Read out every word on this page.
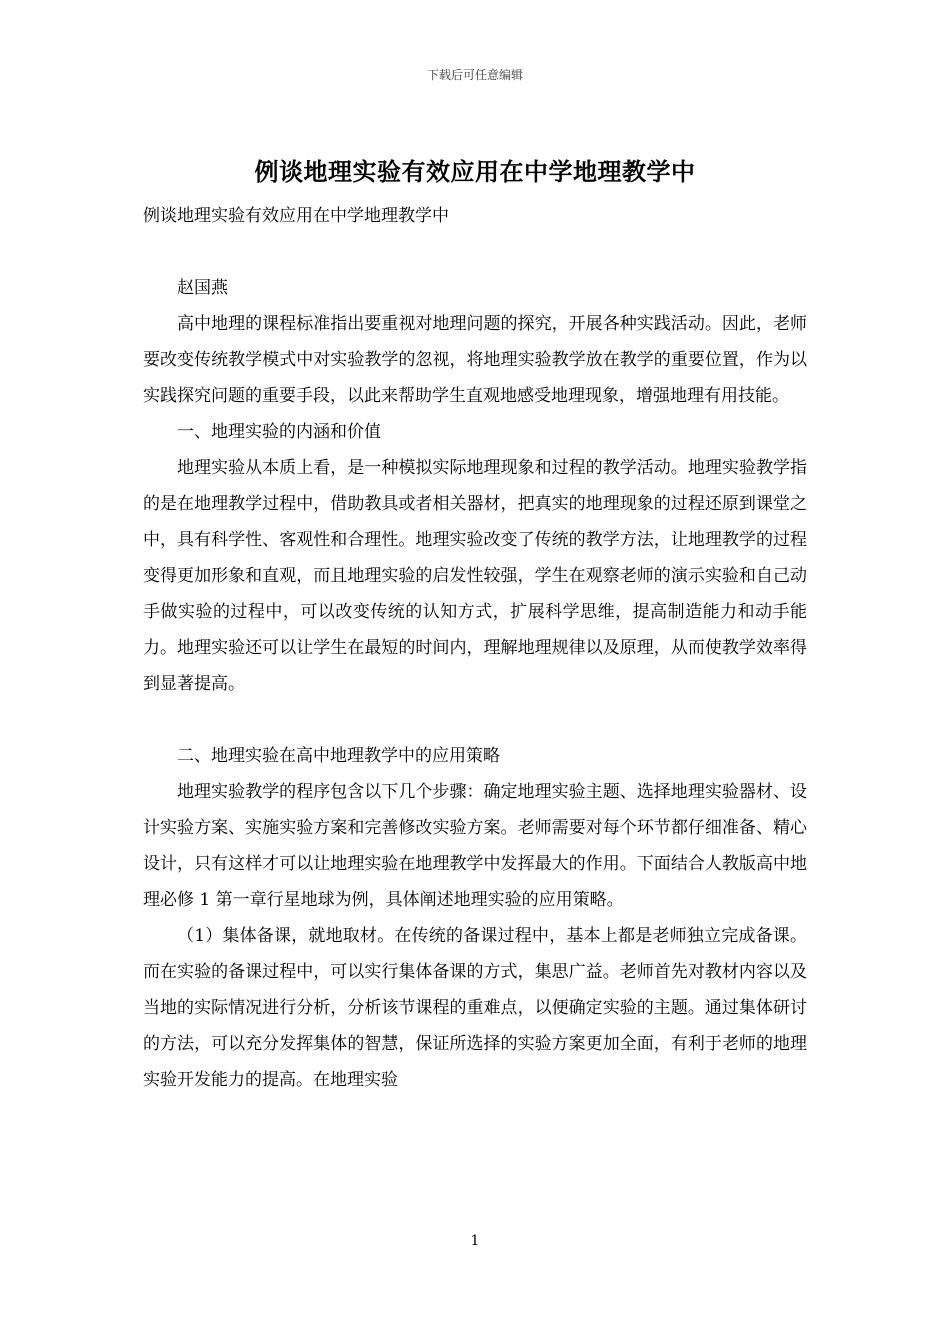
下载后可任意编辑
例谈地理实验有效应用在中学地理教学中

例谈地理实验有效应用在中学地理教学中

赵国燕

高中地理的课程标准指出要重视对地理问题的探究，开展各种实践活动。因此，老师要改变传统教学模式中对实验教学的忽视，将地理实验教学放在教学的重要位置，作为以实践探究问题的重要手段，以此来帮助学生直观地感受地理现象，增强地理有用技能。

一、地理实验的内涵和价值

地理实验从本质上看，是一种模拟实际地理现象和过程的教学活动。地理实验教学指的是在地理教学过程中，借助教具或者相关器材，把真实的地理现象的过程还原到课堂之中，具有科学性、客观性和合理性。地理实验改变了传统的教学方法，让地理教学的过程变得更加形象和直观，而且地理实验的启发性较强，学生在观察老师的演示实验和自己动手做实验的过程中，可以改变传统的认知方式，扩展科学思维，提高制造能力和动手能力。地理实验还可以让学生在最短的时间内，理解地理规律以及原理，从而使教学效率得到显著提高。

二、地理实验在高中地理教学中的应用策略

地理实验教学的程序包含以下几个步骤：确定地理实验主题、选择地理实验器材、设计实验方案、实施实验方案和完善修改实验方案。老师需要对每个环节都仔细准备、精心设计，只有这样才可以让地理实验在地理教学中发挥最大的作用。下面结合人教版高中地理必修 1 第一章行星地球为例，具体阐述地理实验的应用策略。

（1）集体备课，就地取材。在传统的备课过程中，基本上都是老师独立完成备课。而在实验的备课过程中，可以实行集体备课的方式，集思广益。老师首先对教材内容以及当地的实际情况进行分析，分析该节课程的重难点，以便确定实验的主题。通过集体研讨的方法，可以充分发挥集体的智慧，保证所选择的实验方案更加全面，有利于老师的地理实验开发能力的提高。在地理实验

1
